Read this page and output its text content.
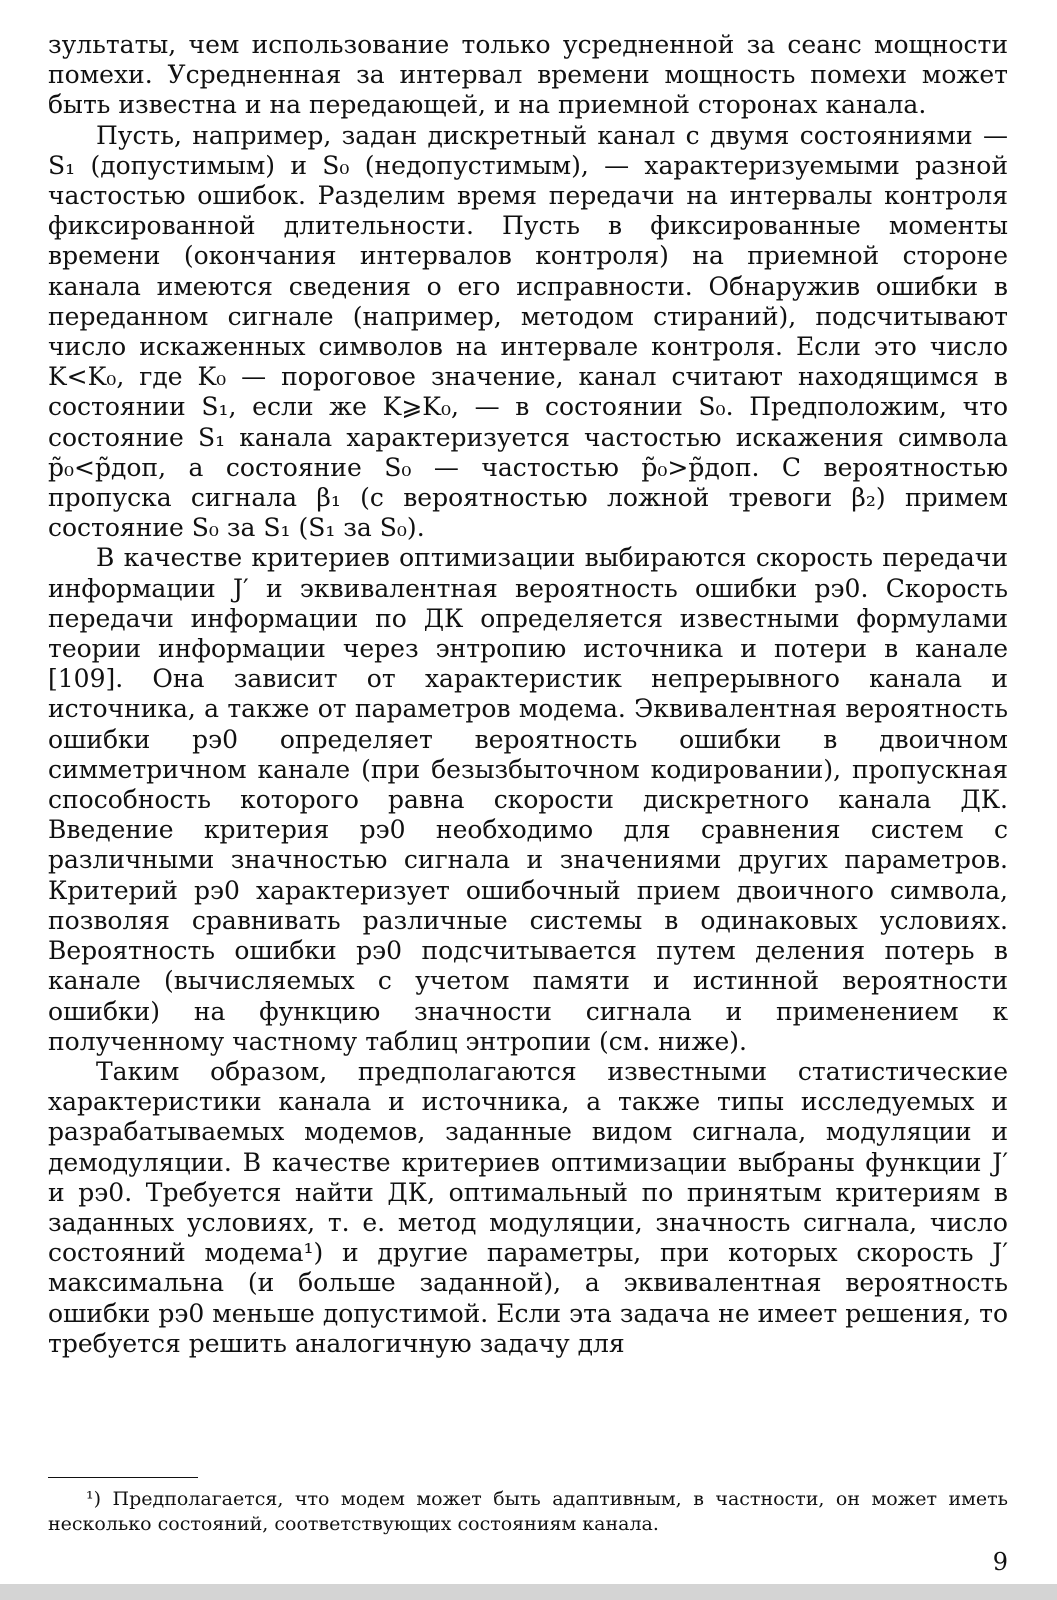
зультаты, чем использование только усредненной за сеанс мощности помехи. Усредненная за интервал времени мощность помехи может быть известна и на передающей, и на приемной сторонах канала.

Пусть, например, задан дискретный канал с двумя состояниями — S₁ (допустимым) и S₀ (недопустимым), — характеризуемыми разной частостью ошибок. Разделим время передачи на интервалы контроля фиксированной длительности. Пусть в фиксированные моменты времени (окончания интервалов контроля) на приемной стороне канала имеются сведения о его исправности. Обнаружив ошибки в переданном сигнале (например, методом стираний), подсчитывают число искаженных символов на интервале контроля. Если это число K<K₀, где K₀ — пороговое значение, канал считают находящимся в состоянии S₁, если же K⩾K₀, — в состоянии S₀. Предположим, что состояние S₁ канала характеризуется частостью искажения символа p̃₀<p̃доп, а состояние S₀ — частостью p̃₀>p̃доп. С вероятностью пропуска сигнала β₁ (с вероятностью ложной тревоги β₂) примем состояние S₀ за S₁ (S₁ за S₀).

В качестве критериев оптимизации выбираются скорость передачи информации J′ и эквивалентная вероятность ошибки pэ0. Скорость передачи информации по ДК определяется известными формулами теории информации через энтропию источника и потери в канале [109]. Она зависит от характеристик непрерывного канала и источника, а также от параметров модема. Эквивалентная вероятность ошибки pэ0 определяет вероятность ошибки в двоичном симметричном канале (при безызбыточном кодировании), пропускная способность которого равна скорости дискретного канала ДК. Введение критерия pэ0 необходимо для сравнения систем с различными значностью сигнала и значениями других параметров. Критерий pэ0 характеризует ошибочный прием двоичного символа, позволяя сравнивать различные системы в одинаковых условиях. Вероятность ошибки pэ0 подсчитывается путем деления потерь в канале (вычисляемых с учетом памяти и истинной вероятности ошибки) на функцию значности сигнала и применением к полученному частному таблиц энтропии (см. ниже).

Таким образом, предполагаются известными статистические характеристики канала и источника, а также типы исследуемых и разрабатываемых модемов, заданные видом сигнала, модуляции и демодуляции. В качестве критериев оптимизации выбраны функции J′ и pэ0. Требуется найти ДК, оптимальный по принятым критериям в заданных условиях, т. е. метод модуляции, значность сигнала, число состояний модема¹) и другие параметры, при которых скорость J′ максимальна (и больше заданной), а эквивалентная вероятность ошибки pэ0 меньше допустимой. Если эта задача не имеет решения, то требуется решить аналогичную задачу для

¹) Предполагается, что модем может быть адаптивным, в частности, он может иметь несколько состояний, соответствующих состояниям канала.
9
